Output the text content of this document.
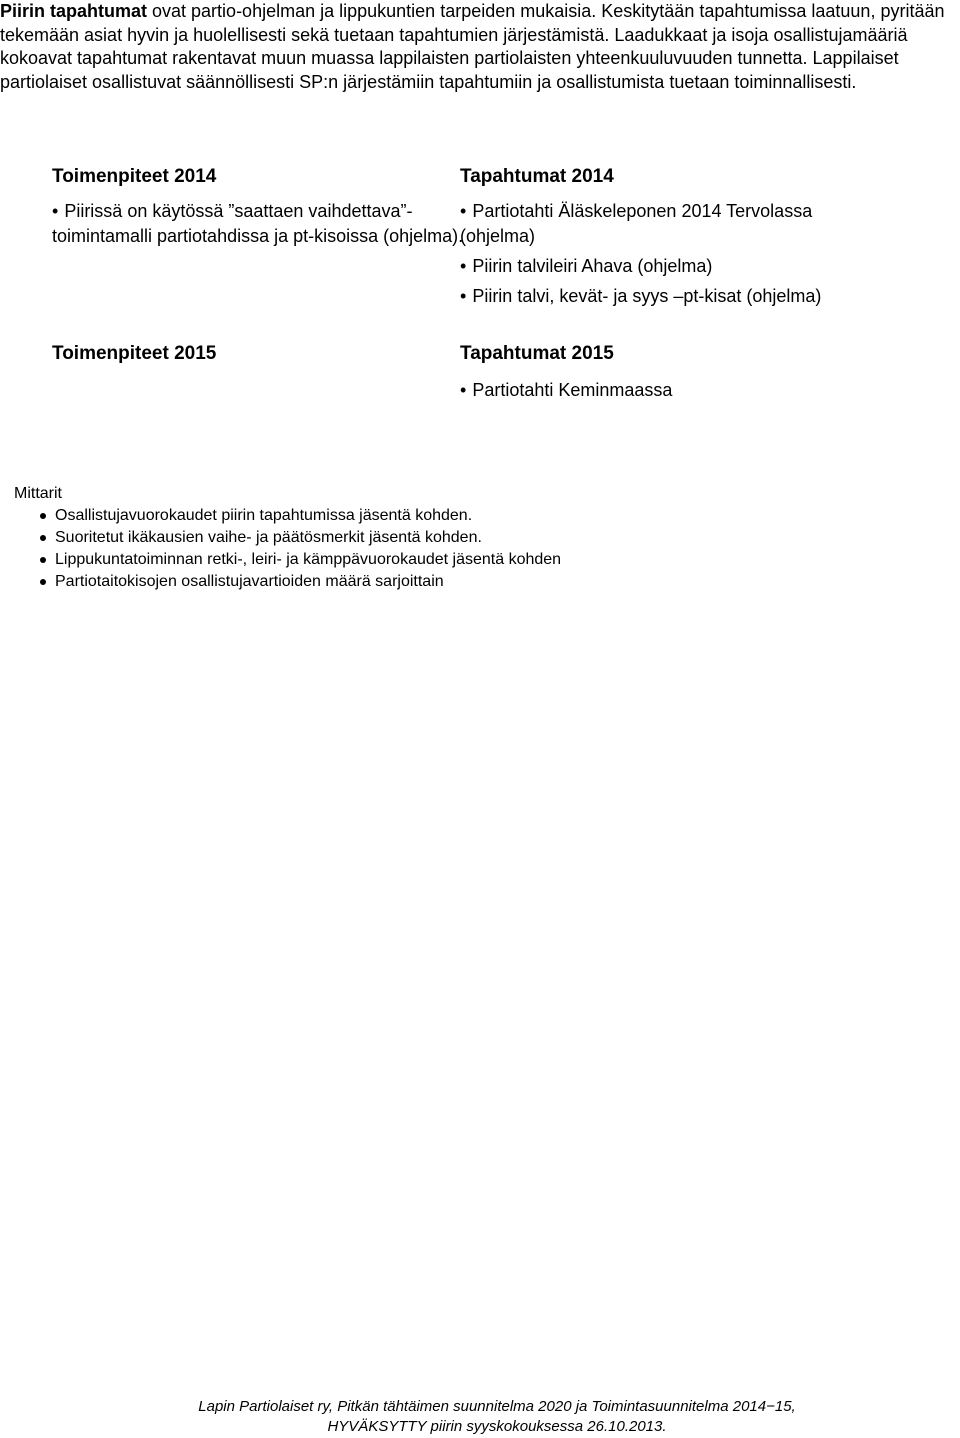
Piirin tapahtumat ovat partio-ohjelman ja lippukuntien tarpeiden mukaisia. Keskitytään tapahtumissa laatuun, pyritään tekemään asiat hyvin ja huolellisesti sekä tuetaan tapahtumien järjestämistä. Laadukkaat ja isoja osallistujamääriä kokoavat tapahtumat rakentavat muun muassa lappilaisten partiolaisten yhteenkuuluvuuden tunnetta. Lappilaiset partiolaiset osallistuvat säännöllisesti SP:n järjestämiin tapahtumiin ja osallistumista tuetaan toiminnallisesti.

Toimenpiteet 2014
• Piirissä on käytössä ”saattaen vaihdettava”-toimintamalli partiotahdissa ja pt-kisoissa (ohjelma).
Tapahtumat 2014
• Partiotahti Äläskeleponen 2014 Tervolassa (ohjelma)
• Piirin talvileiri Ahava (ohjelma)
• Piirin talvi, kevät- ja syys –pt-kisat (ohjelma)
Toimenpiteet 2015	Tapahtumat 2015
• Partiotahti Keminmaassa

Mittarit

Osallistujavuorokaudet piirin tapahtumissa jäsentä kohden.
Suoritetut ikäkausien vaihe- ja päätösmerkit jäsentä kohden.
Lippukuntatoiminnan retki-, leiri- ja kämppävuorokaudet jäsentä kohden
Partiotaitokisojen osallistujavartioiden määrä sarjoittain
Lapin Partiolaiset ry, Pitkän tähtäimen suunnitelma 2020 ja Toimintasuunnitelma 2014−15,
HYVÄKSYTTY piirin syyskokouksessa 26.10.2013.
